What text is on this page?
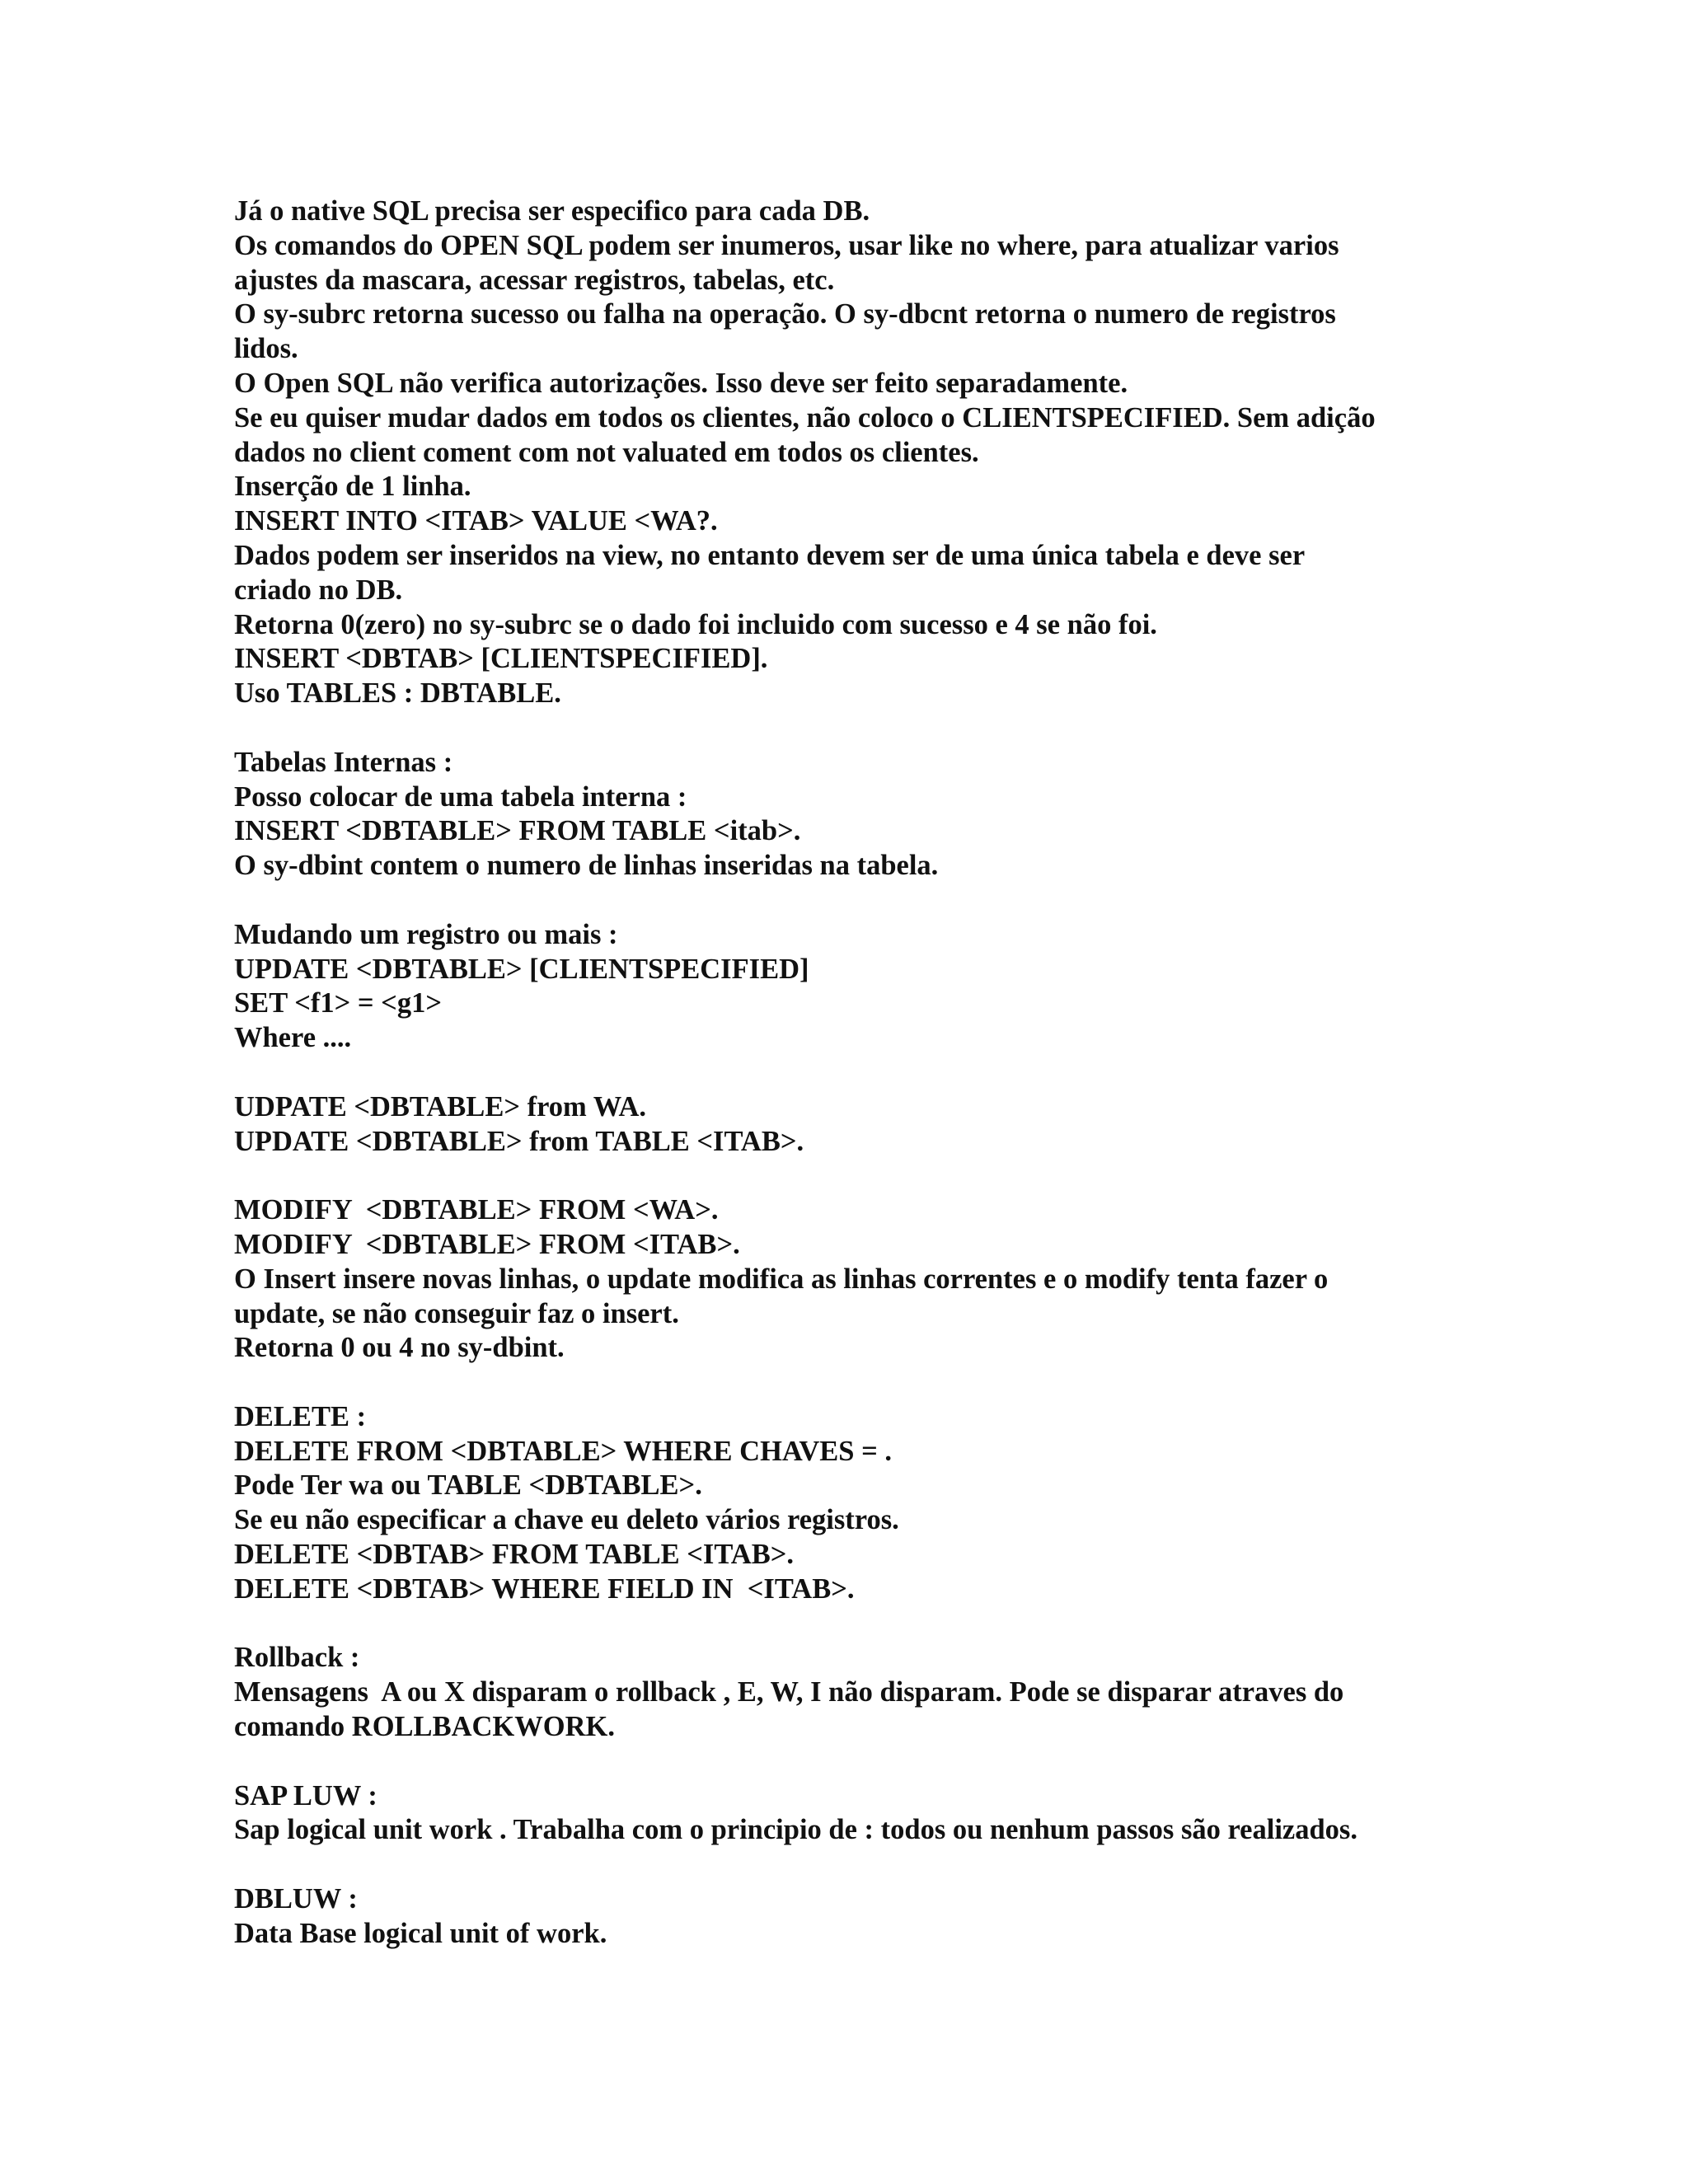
Já o native SQL precisa ser especifico para cada DB.
Os comandos do OPEN SQL podem ser inumeros, usar like no where, para atualizar varios
ajustes da mascara, acessar registros, tabelas, etc.
O sy-subrc retorna sucesso ou falha na operação. O sy-dbcnt retorna o numero de registros
lidos.
O Open SQL não verifica autorizações. Isso deve ser feito separadamente.
Se eu quiser mudar dados em todos os clientes, não coloco o CLIENTSPECIFIED. Sem adição
dados no client coment com not valuated em todos os clientes.
Inserção de 1 linha.
INSERT INTO <ITAB> VALUE <WA?.
Dados podem ser inseridos na view, no entanto devem ser de uma única tabela e deve ser
criado no DB.
Retorna 0(zero) no sy-subrc se o dado foi incluido com sucesso e 4 se não foi.
INSERT <DBTAB> [CLIENTSPECIFIED].
Uso TABLES : DBTABLE.
Tabelas Internas :
Posso colocar de uma tabela interna :
INSERT <DBTABLE> FROM TABLE <itab>.
O sy-dbint contem o numero de linhas inseridas na tabela.
Mudando um registro ou mais :
UPDATE <DBTABLE> [CLIENTSPECIFIED]
SET <f1> = <g1>
Where ....
UDPATE <DBTABLE> from WA.
UPDATE <DBTABLE> from TABLE <ITAB>.
MODIFY  <DBTABLE> FROM <WA>.
MODIFY  <DBTABLE> FROM <ITAB>.
O Insert insere novas linhas, o update modifica as linhas correntes e o modify tenta fazer o
update, se não conseguir faz o insert.
Retorna 0 ou 4 no sy-dbint.
DELETE :
DELETE FROM <DBTABLE> WHERE CHAVES = .
Pode Ter wa ou TABLE <DBTABLE>.
Se eu não especificar a chave eu deleto vários registros.
DELETE <DBTAB> FROM TABLE <ITAB>.
DELETE <DBTAB> WHERE FIELD IN  <ITAB>.
Rollback :
Mensagens  A ou X disparam o rollback , E, W, I não disparam. Pode se disparar atraves do
comando ROLLBACKWORK.
SAP LUW :
Sap logical unit work . Trabalha com o principio de : todos ou nenhum passos são realizados.
DBLUW :
Data Base logical unit of work.
